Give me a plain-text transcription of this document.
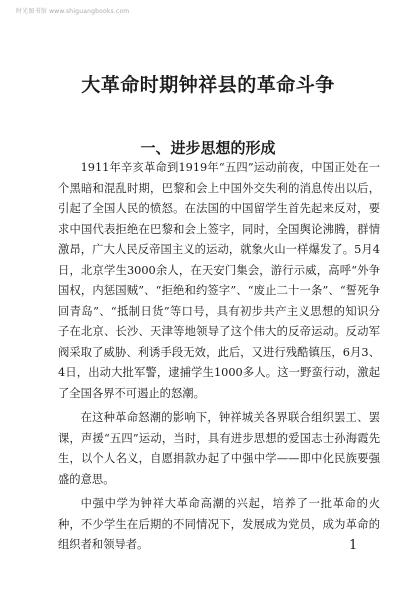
时光图书馆 www.shiguangbooks.com
大革命时期钟祥县的革命斗争
一、进步思想的形成

1911年辛亥革命到1919年“五四”运动前夜，中国正处在一个黑暗和混乱时期，巴黎和会上中国外交失利的消息传出以后，引起了全国人民的愤怒。在法国的中国留学生首先起来反对，要求中国代表拒绝在巴黎和会上签字，同时，全国舆论沸腾，群情激昂，广大人民反帝国主义的运动，就象火山一样爆发了。5月4日，北京学生3000余人，在天安门集会，游行示威，高呼“外争国权，内惩国贼”、“拒绝和约签字”、“废止二十一条”、“誓死争回青岛”、“抵制日货”等口号，具有初步共产主义思想的知识分子在北京、长沙、天津等地领导了这个伟大的反帝运动。反动军阀采取了威胁、利诱手段无效，此后，又进行残酷镇压，6月3、4日，出动大批军警，逮捕学生1000多人。这一野蛮行动，激起了全国各界不可遏止的怒潮。

在这种革命怒潮的影响下，钟祥城关各界联合组织罢工、罢课，声援“五四”运动，当时，具有进步思想的爱国志士孙海霞先生，以个人名义，自愿捐款办起了中强中学——即中化民族要强盛的意思。

中强中学为钟祥大革命高潮的兴起，培养了一批革命的火种，不少学生在后期的不同情况下，发展成为党员，成为革命的组织者和领导者。	1
